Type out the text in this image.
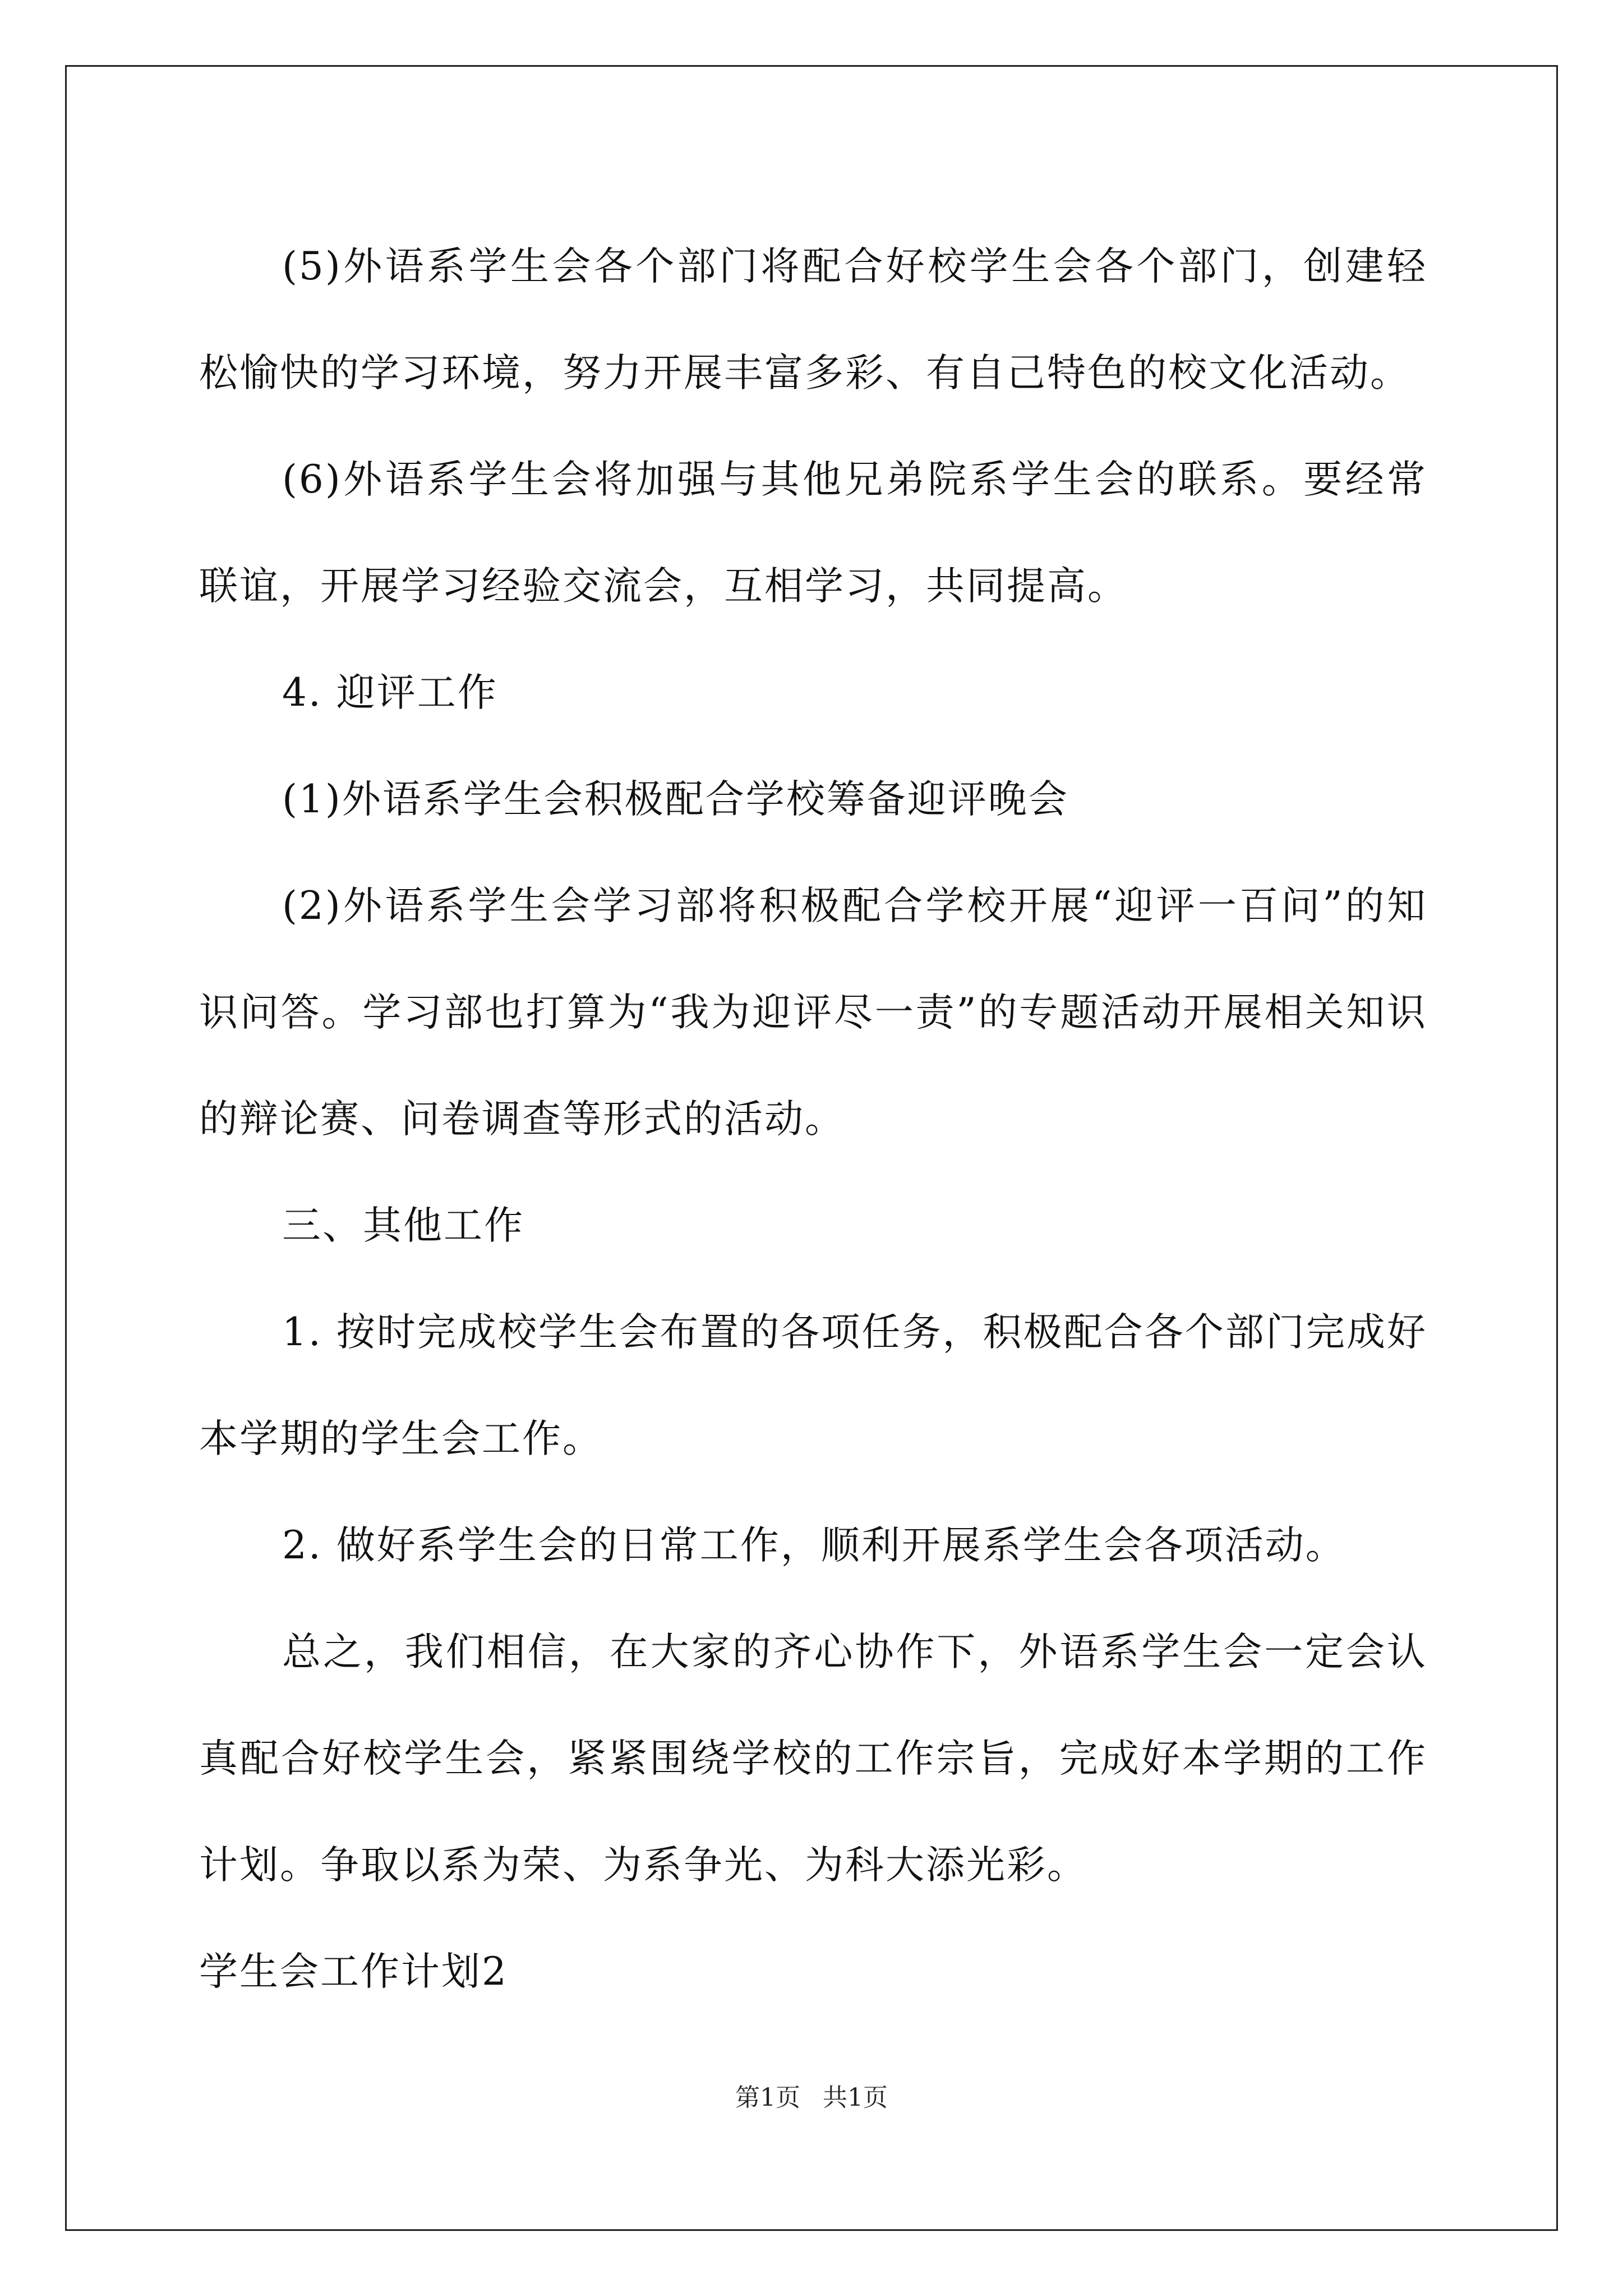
(5)外语系学生会各个部门将配合好校学生会各个部门，创建轻松愉快的学习环境，努力开展丰富多彩、有自己特色的校文化活动。

(6)外语系学生会将加强与其他兄弟院系学生会的联系。要经常联谊，开展学习经验交流会，互相学习，共同提高。

4. 迎评工作

(1)外语系学生会积极配合学校筹备迎评晚会

(2)外语系学生会学习部将积极配合学校开展“迎评一百问”的知识问答。学习部也打算为“我为迎评尽一责”的专题活动开展相关知识的辩论赛、问卷调查等形式的活动。

三、其他工作

1. 按时完成校学生会布置的各项任务，积极配合各个部门完成好本学期的学生会工作。

2. 做好系学生会的日常工作，顺利开展系学生会各项活动。

总之，我们相信，在大家的齐心协作下，外语系学生会一定会认真配合好校学生会，紧紧围绕学校的工作宗旨，完成好本学期的工作计划。争取以系为荣、为系争光、为科大添光彩。

学生会工作计划2

第1页 共1页
